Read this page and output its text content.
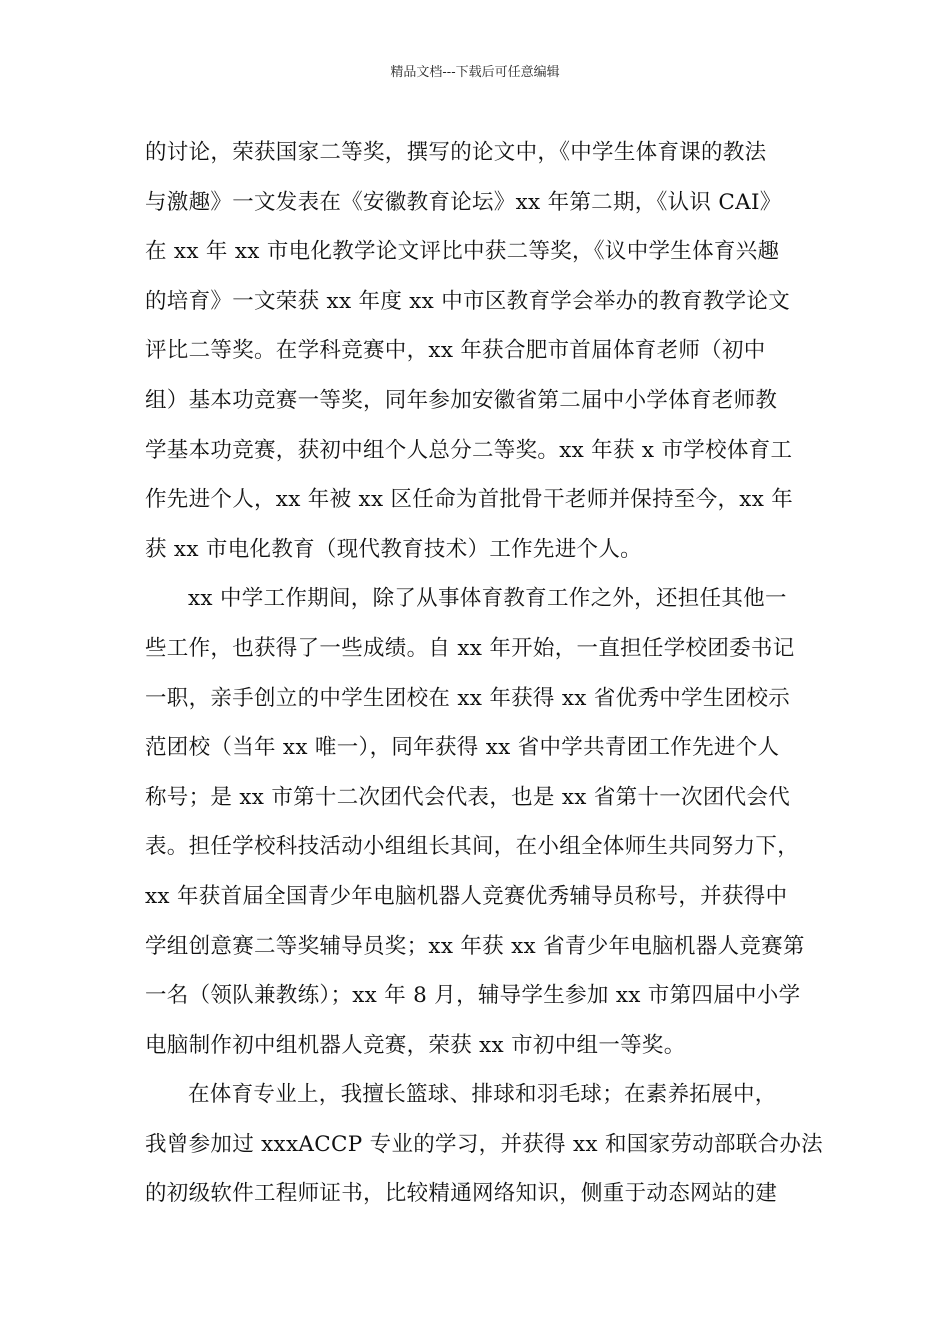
精品文档---下载后可任意编辑
的讨论，荣获国家二等奖，撰写的论文中，《中学生体育课的教法
与激趣》一文发表在《安徽教育论坛》xx 年第二期，《认识 CAI》
在 xx 年 xx 市电化教学论文评比中获二等奖，《议中学生体育兴趣
的培育》一文荣获 xx 年度 xx 中市区教育学会举办的教育教学论文
评比二等奖。在学科竞赛中，xx 年获合肥市首届体育老师（初中
组）基本功竞赛一等奖，同年参加安徽省第二届中小学体育老师教
学基本功竞赛，获初中组个人总分二等奖。xx 年获 x 市学校体育工
作先进个人，xx 年被 xx 区任命为首批骨干老师并保持至今，xx 年
获 xx 市电化教育（现代教育技术）工作先进个人。
xx 中学工作期间，除了从事体育教育工作之外，还担任其他一
些工作，也获得了一些成绩。自 xx 年开始，一直担任学校团委书记
一职，亲手创立的中学生团校在 xx 年获得 xx 省优秀中学生团校示
范团校（当年 xx 唯一），同年获得 xx 省中学共青团工作先进个人
称号；是 xx 市第十二次团代会代表，也是 xx 省第十一次团代会代
表。担任学校科技活动小组组长其间，在小组全体师生共同努力下，
xx 年获首届全国青少年电脑机器人竞赛优秀辅导员称号，并获得中
学组创意赛二等奖辅导员奖；xx 年获 xx 省青少年电脑机器人竞赛第
一名（领队兼教练）；xx 年 8 月，辅导学生参加 xx 市第四届中小学
电脑制作初中组机器人竞赛，荣获 xx 市初中组一等奖。
在体育专业上，我擅长篮球、排球和羽毛球；在素养拓展中，
我曾参加过 xxxACCP 专业的学习，并获得 xx 和国家劳动部联合办法
的初级软件工程师证书，比较精通网络知识，侧重于动态网站的建
